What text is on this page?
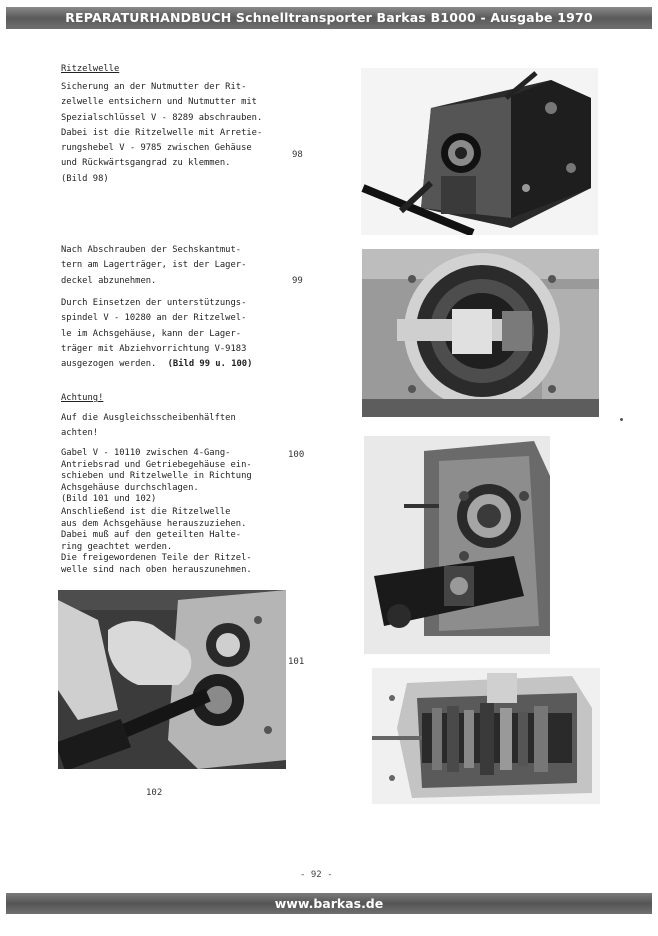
REPARATURHANDBUCH Schnelltransporter Barkas B1000 - Ausgabe 1970
Ritzelwelle
Sicherung an der Nutmutter der Rit-
zelwelle entsichern und Nutmutter mit
Spezialschlüssel V - 8289 abschrauben.
Dabei ist die Ritzelwelle mit Arretie-
rungshebel V - 9785 zwischen Gehäuse
und Rückwärtsgangrad zu klemmen.
(Bild 98)
98
Nach Abschrauben der Sechskantmut-
tern am Lagerträger, ist der Lager-
deckel abzunehmen.	99
Durch Einsetzen der unterstützungs-
spindel V - 10280 an der Ritzelwel-
le im Achsgehäuse, kann der Lager-
träger mit Abziehvorrichtung V-9183
ausgezogen werden. (Bild 99 u. 100)
Achtung!
Auf die Ausgleichsscheibenhälften
achten!
100
Gabel V - 10110 zwischen 4-Gang-
Antriebsrad und Getriebegehäuse ein-
schieben und Ritzelwelle in Richtung
Achsgehäuse durchschlagen.
(Bild 101 und 102)
Anschließend ist die Ritzelwelle
aus dem Achsgehäuse herauszuziehen.
Dabei muß auf den geteilten Halte-
ring geachtet werden.
Die freigewordenen Teile der Ritzel-
welle sind nach oben herauszunehmen.
101
102
- 92 -
www.barkas.de
